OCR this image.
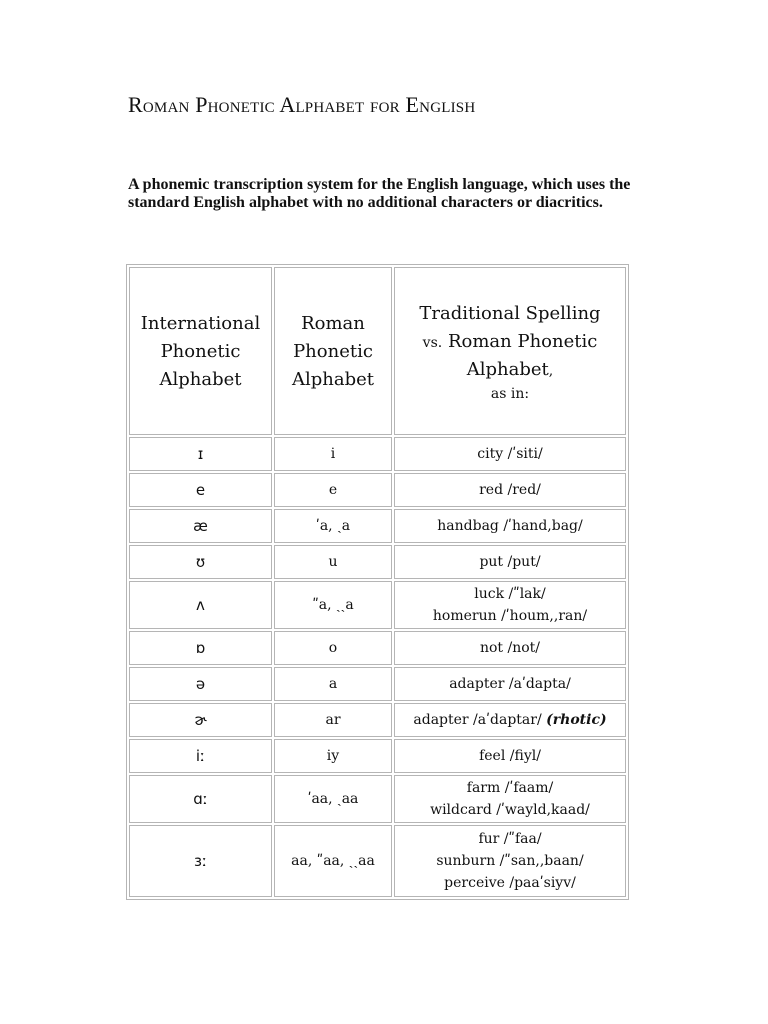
Roman Phonetic Alphabet for English
A phonemic transcription system for the English language, which uses the standard English alphabet with no additional characters or diacritics.
International Phonetic Alphabet	Roman Phonetic Alphabet	Traditional Spelling
vs. Roman Phonetic Alphabet,
as in:

ɪ	i	city /ʹsiti/

e	e	red /red/

æ	ʹa, ˏa	handbag /ʹhand,bag/

ʊ	u	put /put/

ʌ	ʺa, ˏˏa	luck /ʺlak/
homerun /ʹhoum,,ran/

ɒ	o	not /not/

ə	a	adapter /aʹdapta/

ɚ	ar	adapter /aʹdaptar/ (rhotic)

iː	iy	feel /fiyl/

ɑː	ʹaa, ˏaa	farm /ʹfaam/
wildcard /ʹwayld,kaad/

ɜː	aa, ʺaa, ˏˏaa	fur /ʺfaa/
sunburn /ʺsan,,baan/
perceive /paaʹsiyv/
